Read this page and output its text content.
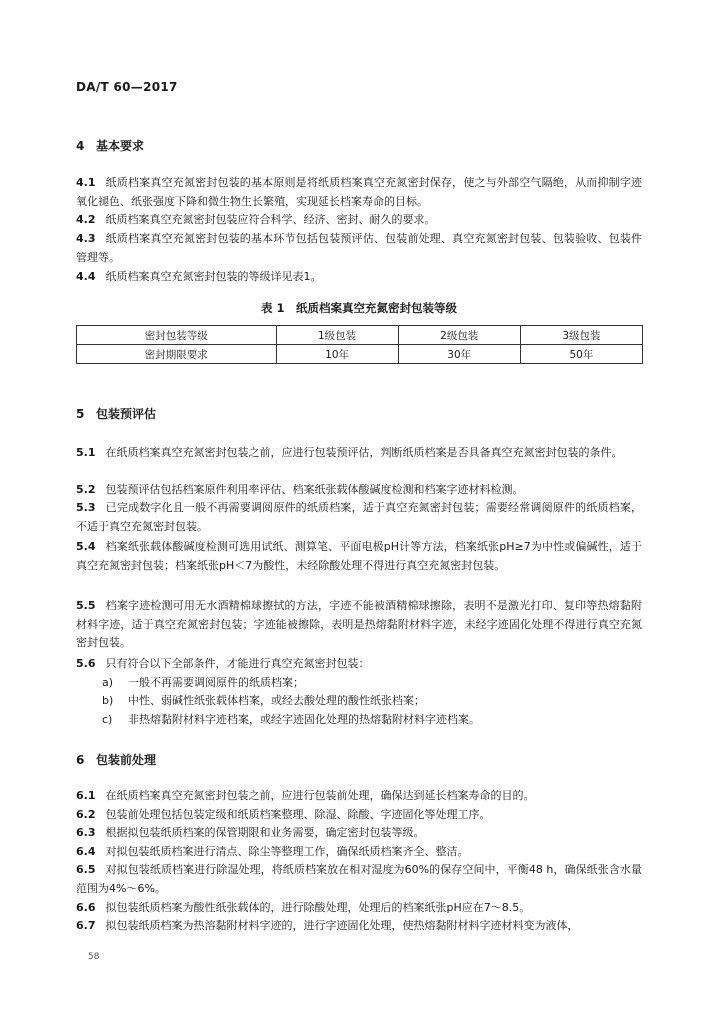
DA/T 60—2017
4 基本要求
4.1 纸质档案真空充氮密封包装的基本原则是将纸质档案真空充氮密封保存，使之与外部空气隔绝，从而抑制字迹氧化褪色、纸张强度下降和微生物生长繁殖，实现延长档案寿命的目标。
4.2 纸质档案真空充氮密封包装应符合科学、经济、密封、耐久的要求。
4.3 纸质档案真空充氮密封包装的基本环节包括包装预评估、包装前处理、真空充氮密封包装、包装验收、包装件管理等。
4.4 纸质档案真空充氮密封包装的等级详见表1。
表 1　纸质档案真空充氮密封包装等级
密封包装等级	1级包装	2级包装	3级包装
密封期限要求	10年	30年	50年
5 包装预评估
5.1 在纸质档案真空充氮密封包装之前，应进行包装预评估，判断纸质档案是否具备真空充氮密封包装的条件。
5.2 包装预评估包括档案原件利用率评估、档案纸张载体酸碱度检测和档案字迹材料检测。
5.3 已完成数字化且一般不再需要调阅原件的纸质档案，适于真空充氮密封包装；需要经常调阅原件的纸质档案，不适于真空充氮密封包装。
5.4 档案纸张载体酸碱度检测可选用试纸、测算笔、平面电极pH计等方法，档案纸张pH≥7为中性或偏碱性，适于真空充氮密封包装；档案纸张pH＜7为酸性，未经除酸处理不得进行真空充氮密封包装。
5.5 档案字迹检测可用无水酒精棉球擦拭的方法，字迹不能被酒精棉球擦除，表明不是激光打印、复印等热熔黏附材料字迹，适于真空充氮密封包装；字迹能被擦除，表明是热熔黏附材料字迹，未经字迹固化处理不得进行真空充氮密封包装。
5.6 只有符合以下全部条件，才能进行真空充氮密封包装：
a) 一般不再需要调阅原件的纸质档案；
b) 中性、弱碱性纸张载体档案，或经去酸处理的酸性纸张档案；
c) 非热熔黏附材料字迹档案，或经字迹固化处理的热熔黏附材料字迹档案。
6 包装前处理
6.1 在纸质档案真空充氮密封包装之前，应进行包装前处理，确保达到延长档案寿命的目的。
6.2 包装前处理包括包装定级和纸质档案整理、除湿、除酸、字迹固化等处理工序。
6.3 根据拟包装纸质档案的保管期限和业务需要，确定密封包装等级。
6.4 对拟包装纸质档案进行清点、除尘等整理工作，确保纸质档案齐全、整洁。
6.5 对拟包装纸质档案进行除湿处理，将纸质档案放在相对湿度为60%的保存空间中，平衡48 h，确保纸张含水量范围为4%～6%。
6.6 拟包装纸质档案为酸性纸张载体的，进行除酸处理，处理后的档案纸张pH应在7～8.5。
6.7 拟包装纸质档案为热溶黏附材料字迹的，进行字迹固化处理，使热熔黏附材料字迹材料变为液体，
58
